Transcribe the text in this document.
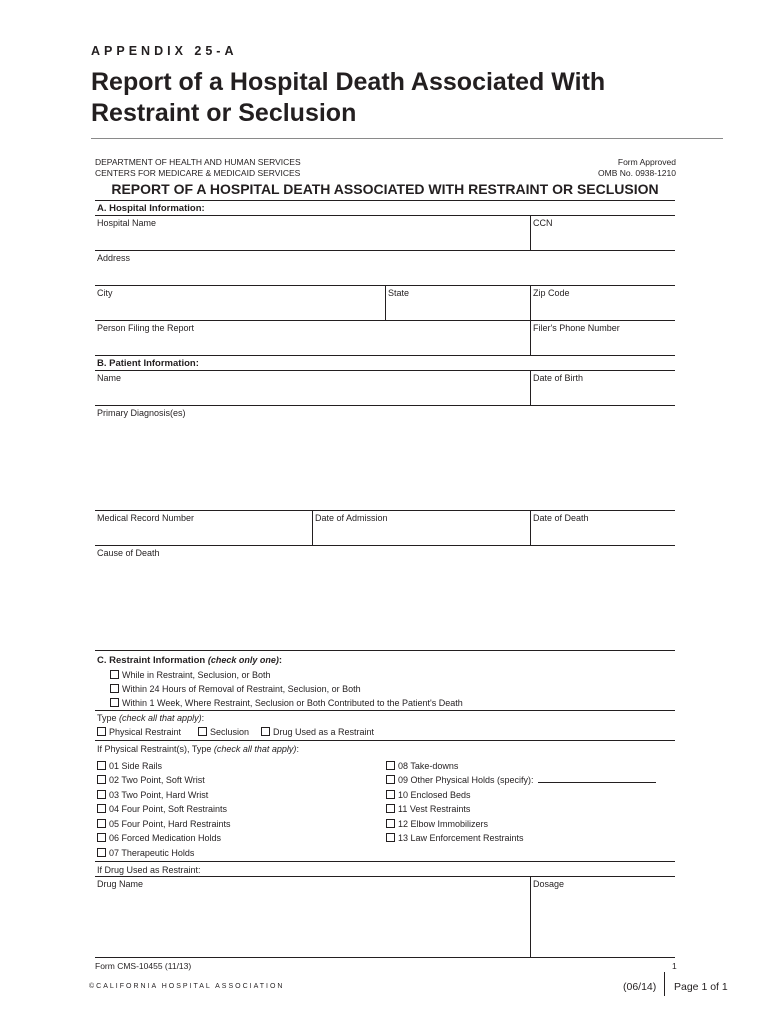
APPENDIX 25-A
Report of a Hospital Death Associated With
Restraint or Seclusion
DEPARTMENT OF HEALTH AND HUMAN SERVICES
CENTERS FOR MEDICARE & MEDICAID SERVICES
Form Approved
OMB No. 0938-1210
REPORT OF A HOSPITAL DEATH ASSOCIATED WITH RESTRAINT OR SECLUSION
A. Hospital Information:
Hospital Name	CCN
Address
City	State	Zip Code
Person Filing the Report	Filer's Phone Number
B. Patient Information:
Name	Date of Birth
Primary Diagnosis(es)
Medical Record Number	Date of Admission	Date of Death
Cause of Death
C. Restraint Information (check only one):
While in Restraint, Seclusion, or Both
Within 24 Hours of Removal of Restraint, Seclusion, or Both
Within 1 Week, Where Restraint, Seclusion or Both Contributed to the Patient's Death
Type (check all that apply):
Physical Restraint	Seclusion	Drug Used as a Restraint
If Physical Restraint(s), Type (check all that apply):
01 Side Rails
02 Two Point, Soft Wrist
03 Two Point, Hard Wrist
04 Four Point, Soft Restraints
05 Four Point, Hard Restraints
06 Forced Medication Holds
07 Therapeutic Holds
08 Take-downs
09 Other Physical Holds (specify):
10 Enclosed Beds
11 Vest Restraints
12 Elbow Immobilizers
13 Law Enforcement Restraints
If Drug Used as Restraint:
Drug Name	Dosage
Form CMS-10455 (11/13)	1
©CALIFORNIA HOSPITAL ASSOCIATION	(06/14) Page 1 of 1
